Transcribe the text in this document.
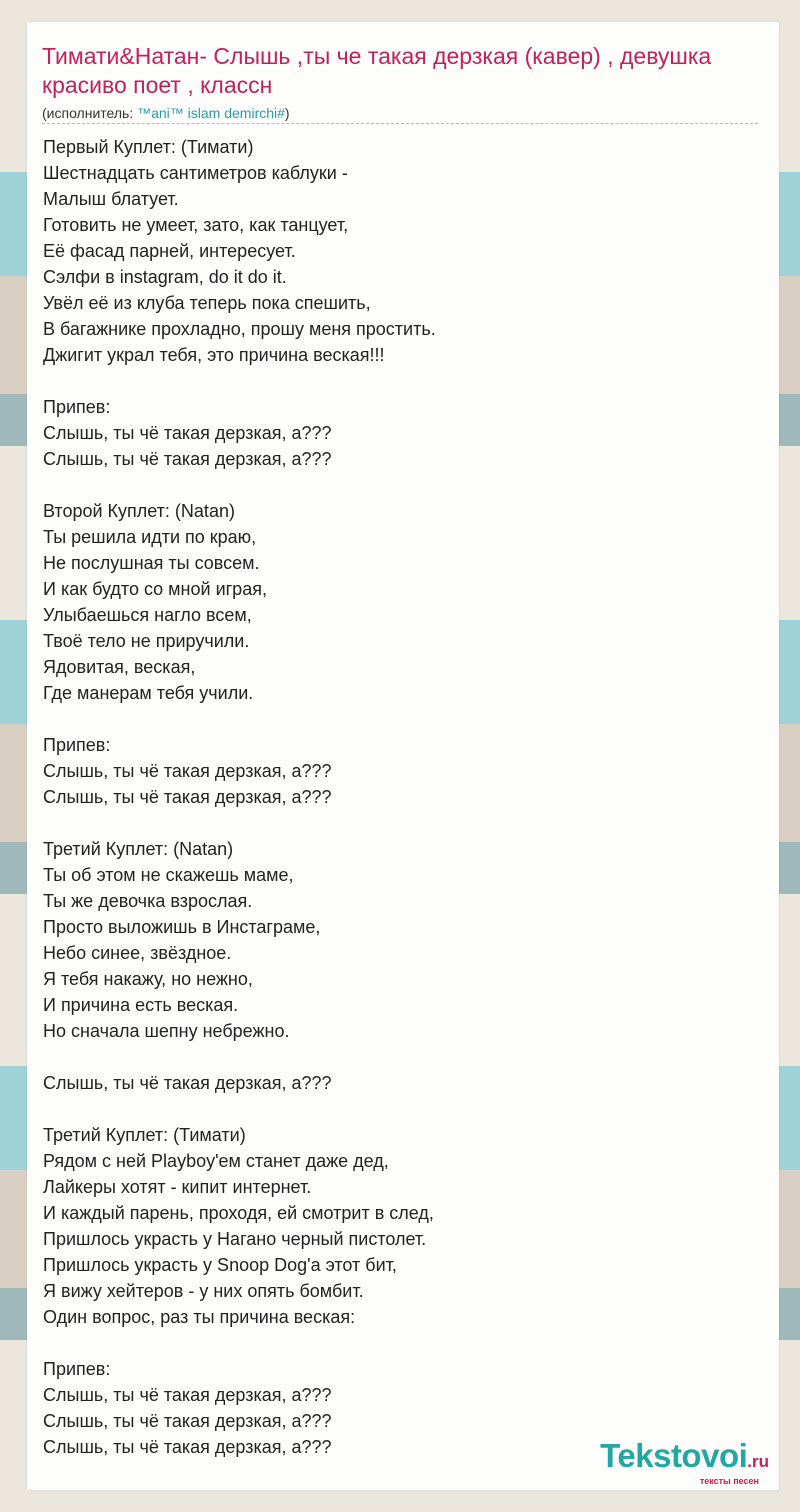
Тимати&Натан- Слышь ,ты че такая дерзкая (кавер) , девушка красиво поет , классн
(исполнитель: ™ani™ islam demirchi#)
Первый Куплет: (Тимати)
Шестнадцать сантиметров каблуки -
Малыш блатует.
Готовить не умеет, зато, как танцует,
Её фасад парней, интересует.
Сэлфи в instagram, do it do it.
Увёл её из клуба теперь пока спешить,
В багажнике прохладно, прошу меня простить.
Джигит украл тебя, это причина веская!!!
Припев:
Слышь, ты чё такая дерзкая, а???
Слышь, ты чё такая дерзкая, а???
Второй Куплет: (Natan)
Ты решила идти по краю,
Не послушная ты совсем.
И как будто со мной играя,
Улыбаешься нагло всем,
Твоё тело не приручили.
Ядовитая, веская,
Где манерам тебя учили.
Припев:
Слышь, ты чё такая дерзкая, а???
Слышь, ты чё такая дерзкая, а???
Третий Куплет: (Natan)
Ты об этом не скажешь маме,
Ты же девочка взрослая.
Просто выложишь в Инстаграме,
Небо синее, звёздное.
Я тебя накажу, но нежно,
И причина есть веская.
Но сначала шепну небрежно.
Слышь, ты чё такая дерзкая, а???
Третий Куплет: (Тимати)
Рядом с ней Playboy'ем станет даже дед,
Лайкеры хотят - кипит интернет.
И каждый парень, проходя, ей смотрит в след,
Пришлось украсть у Нагано черный пистолет.
Пришлось украсть у Snoop Dog'a этот бит,
Я вижу хейтеров - у них опять бомбит.
Один вопрос, раз ты причина веская:
Припев:
Слышь, ты чё такая дерзкая, а???
Слышь, ты чё такая дерзкая, а???
Слышь, ты чё такая дерзкая, а???	Tekstovoi.ru
тексты песен
